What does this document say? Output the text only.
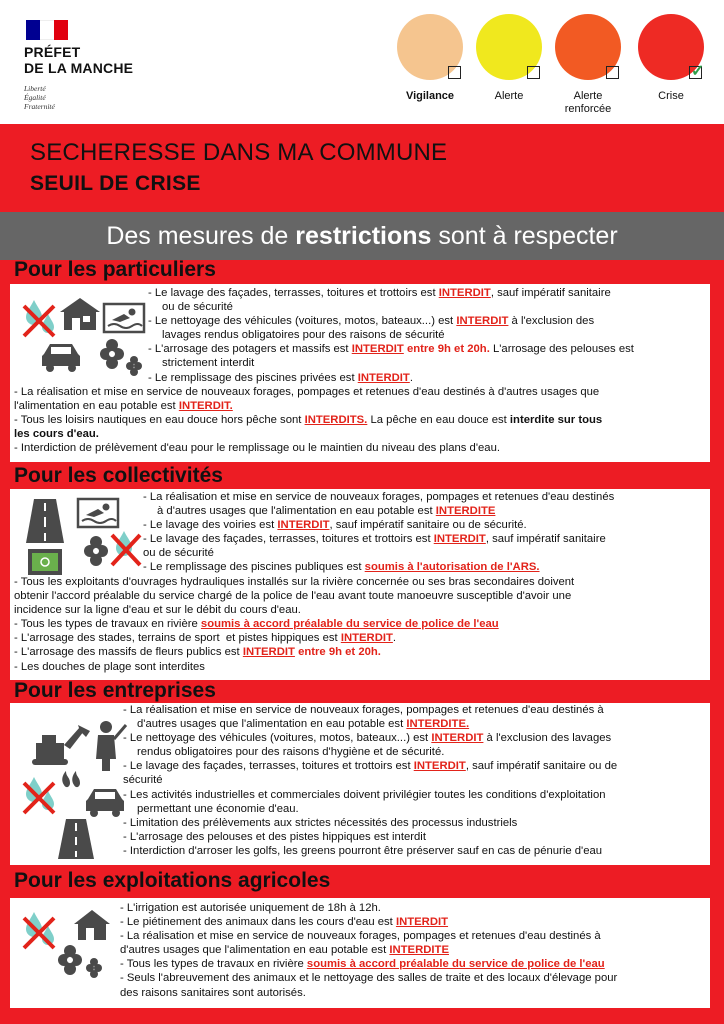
PRÉFET
DE LA MANCHE
Liberté
Égalité
Fraternité
Vigilance	Alerte	Alerte renforcée
✓
Crise
SECHERESSE DANS MA COMMUNE
SEUIL DE CRISE
Des mesures de restrictions sont à respecter
Pour les particuliers

- Le lavage des façades, terrasses, toitures et trottoirs est INTERDIT, sauf impératif sanitaire

ou de sécurité

- Le nettoyage des véhicules (voitures, motos, bateaux...) est INTERDIT à l'exclusion des

lavages rendus obligatoires pour des raisons de sécurité

- L'arrosage des potagers et massifs est INTERDIT entre 9h et 20h. L'arrosage des pelouses est

strictement interdit

- Le remplissage des piscines privées est INTERDIT.

- La réalisation et mise en service de nouveaux forages, pompages et retenues d'eau destinés à d'autres usages que

l'alimentation en eau potable est INTERDIT.

- Tous les loisirs nautiques en eau douce hors pêche sont INTERDITS. La pêche en eau douce est interdite sur tous

les cours d'eau.

- Interdiction de prélèvement d'eau pour le remplissage ou le maintien du niveau des plans d'eau.

Pour les collectivités

- La réalisation et mise en service de nouveaux forages, pompages et retenues d'eau destinés

à d'autres usages que l'alimentation en eau potable est INTERDITE

- Le lavage des voiries est INTERDIT, sauf impératif sanitaire ou de sécurité.

- Le lavage des façades, terrasses, toitures et trottoirs est INTERDIT, sauf impératif sanitaire

ou de sécurité

- Le remplissage des piscines publiques est soumis à l'autorisation de l'ARS.

- Tous les exploitants d'ouvrages hydrauliques installés sur la rivière concernée ou ses bras secondaires doivent

obtenir l'accord préalable du service chargé de la police de l'eau avant toute manoeuvre susceptible d'avoir une

incidence sur la ligne d'eau et sur le débit du cours d'eau.

- Tous les types de travaux en rivière soumis à accord préalable du service de police de l'eau

- L'arrosage des stades, terrains de sport  et pistes hippiques est INTERDIT.

- L'arrosage des massifs de fleurs publics est INTERDIT entre 9h et 20h.

- Les douches de plage sont interdites

Pour les entreprises

- La réalisation et mise en service de nouveaux forages, pompages et retenues d'eau destinés à

d'autres usages que l'alimentation en eau potable est INTERDITE.

- Le nettoyage des véhicules (voitures, motos, bateaux...) est INTERDIT à l'exclusion des lavages

rendus obligatoires pour des raisons d'hygiène et de sécurité.

- Le lavage des façades, terrasses, toitures et trottoirs est INTERDIT, sauf impératif sanitaire ou de

sécurité

- Les activités industrielles et commerciales doivent privilégier toutes les conditions d'exploitation

permettant une économie d'eau.

- Limitation des prélèvements aux strictes nécessités des processus industriels

- L'arrosage des pelouses et des pistes hippiques est interdit

- Interdiction d'arroser les golfs, les greens pourront être préserver sauf en cas de pénurie d'eau

Pour les exploitations agricoles

- L'irrigation est autorisée uniquement de 18h à 12h.

- Le piétinement des animaux dans les cours d'eau est INTERDIT

- La réalisation et mise en service de nouveaux forages, pompages et retenues d'eau destinés à

d'autres usages que l'alimentation en eau potable est INTERDITE

- Tous les types de travaux en rivière soumis à accord préalable du service de police de l'eau

- Seuls l'abreuvement des animaux et le nettoyage des salles de traite et des locaux d'élevage pour

des raisons sanitaires sont autorisés.
